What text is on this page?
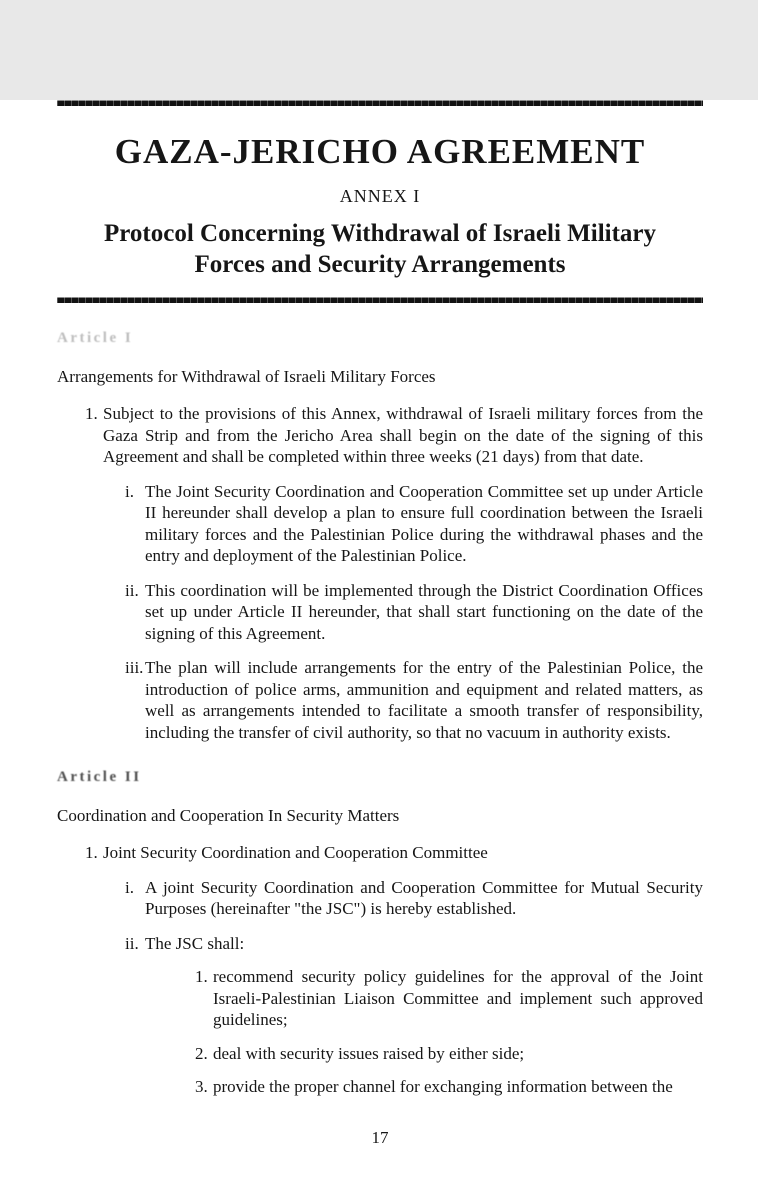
GAZA-JERICHO AGREEMENT
ANNEX I
Protocol Concerning Withdrawal of Israeli Military
Forces and Security Arrangements
Article I
Arrangements for Withdrawal of Israeli Military Forces
1. Subject to the provisions of this Annex, withdrawal of Israeli military forces from the Gaza Strip and from the Jericho Area shall begin on the date of the signing of this Agreement and shall be completed within three weeks (21 days) from that date.
i. The Joint Security Coordination and Cooperation Committee set up under Article II hereunder shall develop a plan to ensure full coordination between the Israeli military forces and the Palestinian Police during the withdrawal phases and the entry and deployment of the Palestinian Police.
ii. This coordination will be implemented through the District Coordination Offices set up under Article II hereunder, that shall start functioning on the date of the signing of this Agreement.
iii. The plan will include arrangements for the entry of the Palestinian Police, the introduction of police arms, ammunition and equipment and related matters, as well as arrangements intended to facilitate a smooth transfer of responsibility, including the transfer of civil authority, so that no vacuum in authority exists.
Article II
Coordination and Cooperation In Security Matters
1. Joint Security Coordination and Cooperation Committee
i. A joint Security Coordination and Cooperation Committee for Mutual Security Purposes (hereinafter "the JSC") is hereby established.
ii. The JSC shall:
1. recommend security policy guidelines for the approval of the Joint Israeli-Palestinian Liaison Committee and implement such approved guidelines;
2. deal with security issues raised by either side;
3. provide the proper channel for exchanging information between the
17
